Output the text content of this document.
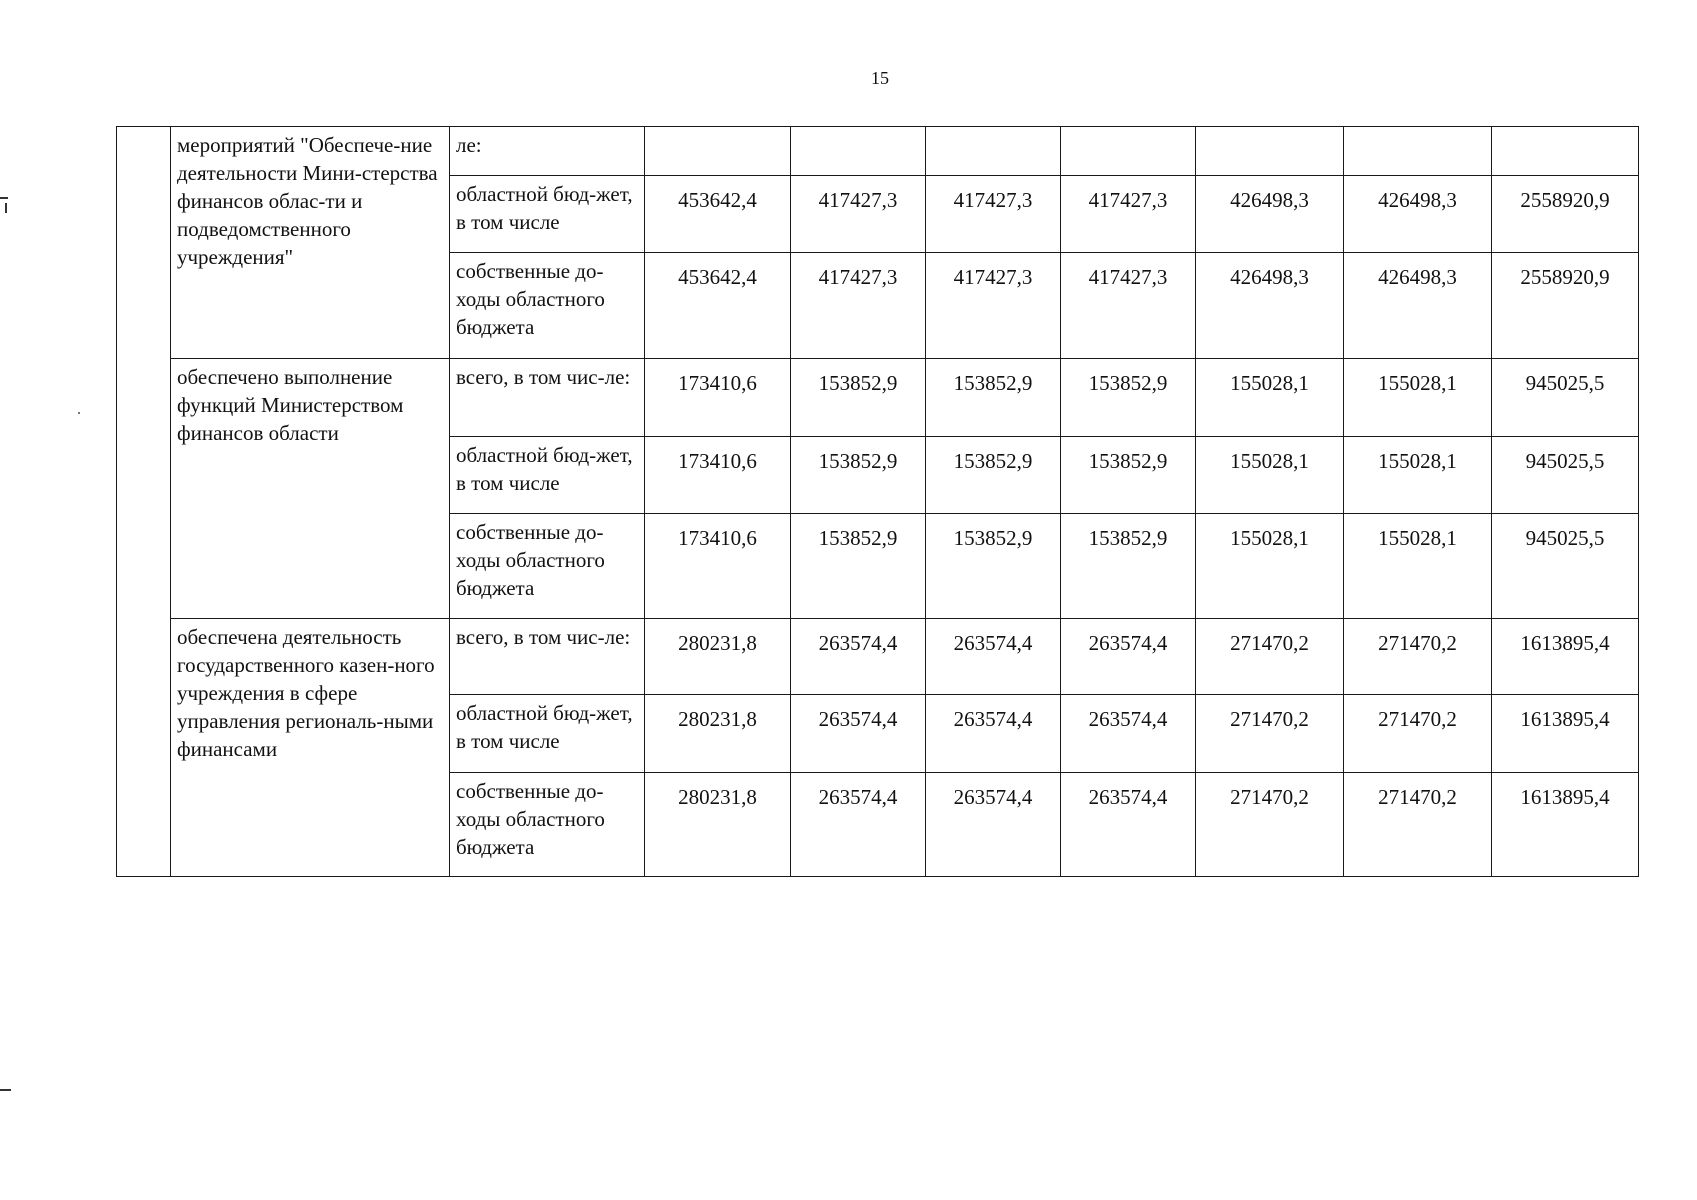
15
	мероприятий "Обеспече-ние деятельности Мини-стерства финансов облас-ти и подведомственного учреждения"	ле:							
		областной бюд-жет, в том числе	453642,4	417427,3	417427,3	417427,3	426498,3	426498,3	2558920,9
		собственные до-ходы областного бюджета	453642,4	417427,3	417427,3	417427,3	426498,3	426498,3	2558920,9
	обеспечено выполнение функций Министерством финансов области	всего, в том чис-ле:	173410,6	153852,9	153852,9	153852,9	155028,1	155028,1	945025,5
		областной бюд-жет, в том числе	173410,6	153852,9	153852,9	153852,9	155028,1	155028,1	945025,5
		собственные до-ходы областного бюджета	173410,6	153852,9	153852,9	153852,9	155028,1	155028,1	945025,5
	обеспечена деятельность государственного казен-ного учреждения в сфере управления региональ-ными финансами	всего, в том чис-ле:	280231,8	263574,4	263574,4	263574,4	271470,2	271470,2	1613895,4
		областной бюд-жет, в том числе	280231,8	263574,4	263574,4	263574,4	271470,2	271470,2	1613895,4
		собственные до-ходы областного бюджета	280231,8	263574,4	263574,4	263574,4	271470,2	271470,2	1613895,4
